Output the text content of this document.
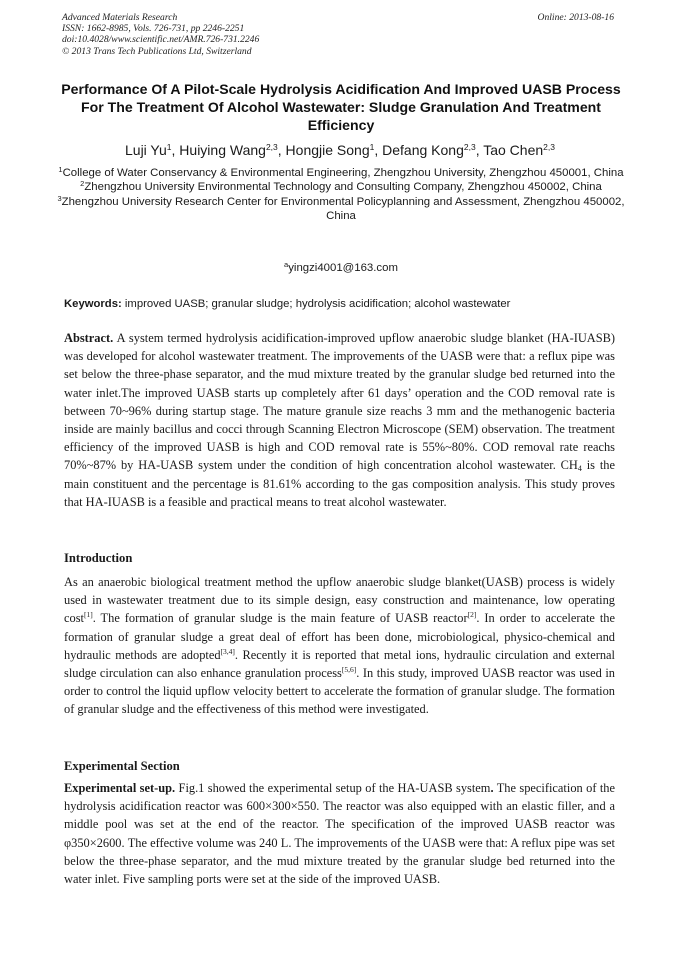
Advanced Materials Research
ISSN: 1662-8985, Vols. 726-731, pp 2246-2251
doi:10.4028/www.scientific.net/AMR.726-731.2246
© 2013 Trans Tech Publications Ltd, Switzerland
Online: 2013-08-16
Performance Of A Pilot-Scale Hydrolysis Acidification And Improved UASB Process For The Treatment Of Alcohol Wastewater: Sludge Granulation And Treatment Efficiency
Luji Yu$^1$, Huiying Wang$^{2,3}$, Hongjie Song$^1$, Defang Kong$^{2,3}$, Tao Chen$^{2,3}$
$^1$College of Water Conservancy & Environmental Engineering, Zhengzhou University, Zhengzhou 450001, China
$^2$Zhengzhou University Environmental Technology and Consulting Company, Zhengzhou 450002, China
$^3$Zhengzhou University Research Center for Environmental Policyplanning and Assessment, Zhengzhou 450002, China
$^a$yingzi4001@163.com
Keywords: improved UASB; granular sludge; hydrolysis acidification; alcohol wastewater
Abstract. A system termed hydrolysis acidification-improved upflow anaerobic sludge blanket (HA-IUASB) was developed for alcohol wastewater treatment. The improvements of the UASB were that: a reflux pipe was set below the three-phase separator, and the mud mixture treated by the granular sludge bed returned into the water inlet.The improved UASB starts up completely after 61 days’ operation and the COD removal rate is between 70~96% during startup stage. The mature granule size reachs 3 mm and the methanogenic bacteria inside are mainly bacillus and cocci through Scanning Electron Microscope (SEM) observation. The treatment efficiency of the improved UASB is high and COD removal rate is 55%~80%. COD removal rate reachs 70%~87% by HA-UASB system under the condition of high concentration alcohol wastewater. $CH_4$ is the main constituent and the percentage is 81.61% according to the gas composition analysis. This study proves that HA-IUASB is a feasible and practical means to treat alcohol wastewater.
Introduction
As an anaerobic biological treatment method the upflow anaerobic sludge blanket(UASB) process is widely used in wastewater treatment due to its simple design, easy construction and maintenance, low operating cost[1]. The formation of granular sludge is the main feature of UASB reactor[2]. In order to accelerate the formation of granular sludge a great deal of effort has been done, microbiological, physico-chemical and hydraulic methods are adopted[3,4]. Recently it is reported that metal ions, hydraulic circulation and external sludge circulation can also enhance granulation process[5,6]. In this study, improved UASB reactor was used in order to control the liquid upflow velocity bettert to accelerate the formation of granular sludge. The formation of granular sludge and the effectiveness of this method were investigated.
Experimental Section
Experimental set-up. Fig.1 showed the experimental setup of the HA-UASB system. The specification of the hydrolysis acidification reactor was 600×300×550. The reactor was also equipped with an elastic filler, and a middle pool was set at the end of the reactor. The specification of the improved UASB reactor was φ350×2600. The effective volume was 240 L. The improvements of the UASB were that: A reflux pipe was set below the three-phase separator, and the mud mixture treated by the granular sludge bed returned into the water inlet. Five sampling ports were set at the side of the improved UASB.
